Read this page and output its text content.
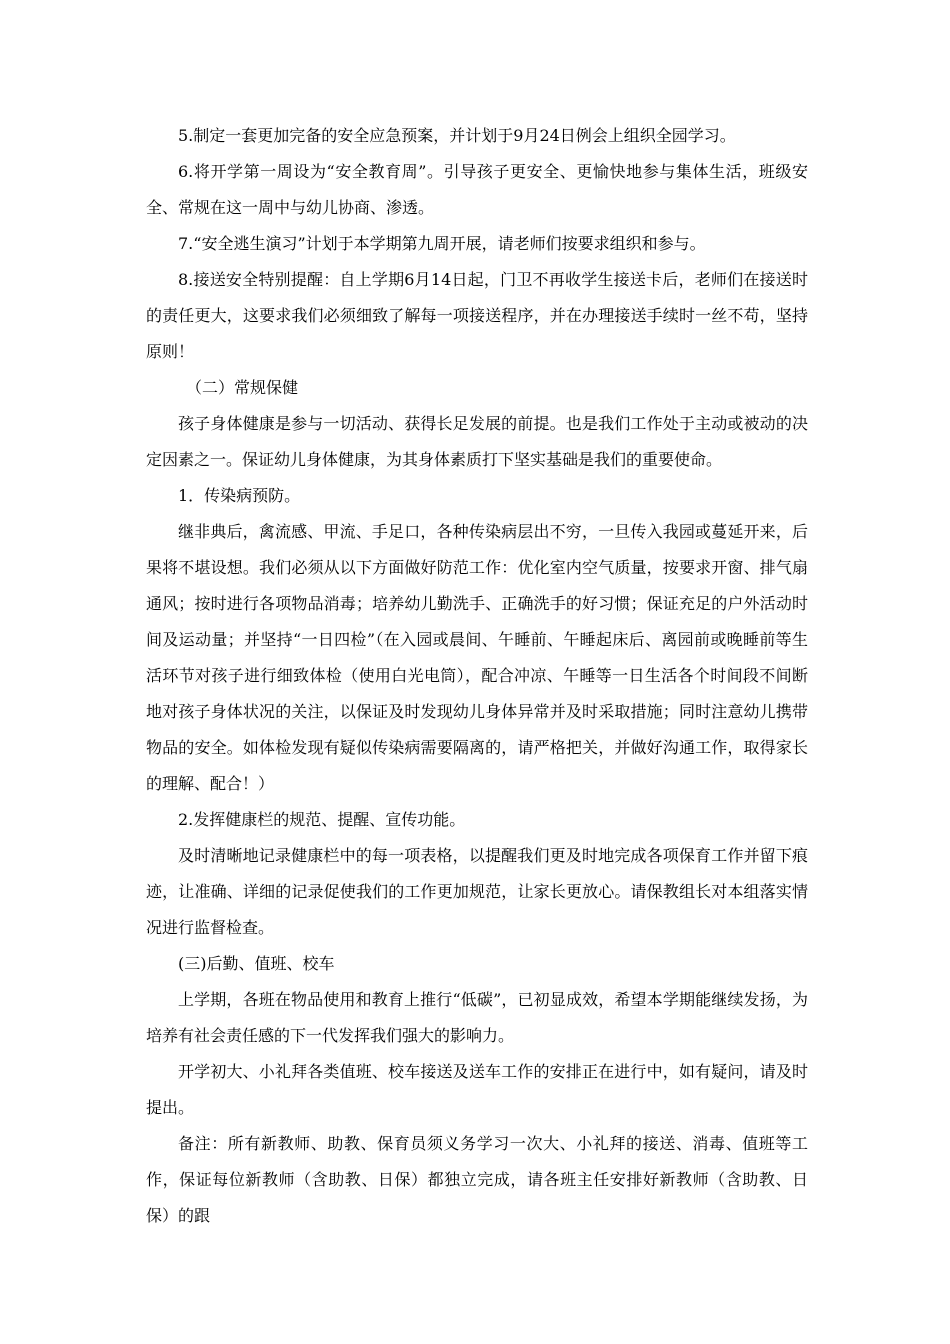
5.制定一套更加完备的安全应急预案，并计划于9月24日例会上组织全园学习。

6.将开学第一周设为“安全教育周”。引导孩子更安全、更愉快地参与集体生活，班级安全、常规在这一周中与幼儿协商、渗透。

7.“安全逃生演习”计划于本学期第九周开展，请老师们按要求组织和参与。

8.接送安全特别提醒：自上学期6月14日起，门卫不再收学生接送卡后，老师们在接送时的责任更大，这要求我们必须细致了解每一项接送程序，并在办理接送手续时一丝不苟，坚持原则！

（二）常规保健

孩子身体健康是参与一切活动、获得长足发展的前提。也是我们工作处于主动或被动的决定因素之一。保证幼儿身体健康，为其身体素质打下坚实基础是我们的重要使命。

1．传染病预防。

继非典后，禽流感、甲流、手足口，各种传染病层出不穷，一旦传入我园或蔓延开来，后果将不堪设想。我们必须从以下方面做好防范工作：优化室内空气质量，按要求开窗、排气扇通风；按时进行各项物品消毒；培养幼儿勤洗手、正确洗手的好习惯；保证充足的户外活动时间及运动量；并坚持“一日四检”（在入园或晨间、午睡前、午睡起床后、离园前或晚睡前等生活环节对孩子进行细致体检（使用白光电筒），配合冲凉、午睡等一日生活各个时间段不间断地对孩子身体状况的关注，以保证及时发现幼儿身体异常并及时采取措施；同时注意幼儿携带物品的安全。如体检发现有疑似传染病需要隔离的，请严格把关，并做好沟通工作，取得家长的理解、配合！）

2.发挥健康栏的规范、提醒、宣传功能。

及时清晰地记录健康栏中的每一项表格，以提醒我们更及时地完成各项保育工作并留下痕迹，让准确、详细的记录促使我们的工作更加规范，让家长更放心。请保教组长对本组落实情况进行监督检查。

(三)后勤、值班、校车

上学期，各班在物品使用和教育上推行“低碳”，已初显成效，希望本学期能继续发扬，为培养有社会责任感的下一代发挥我们强大的影响力。

开学初大、小礼拜各类值班、校车接送及送车工作的安排正在进行中，如有疑问，请及时提出。

备注：所有新教师、助教、保育员须义务学习一次大、小礼拜的接送、消毒、值班等工作，保证每位新教师（含助教、日保）都独立完成，请各班主任安排好新教师（含助教、日保）的跟
